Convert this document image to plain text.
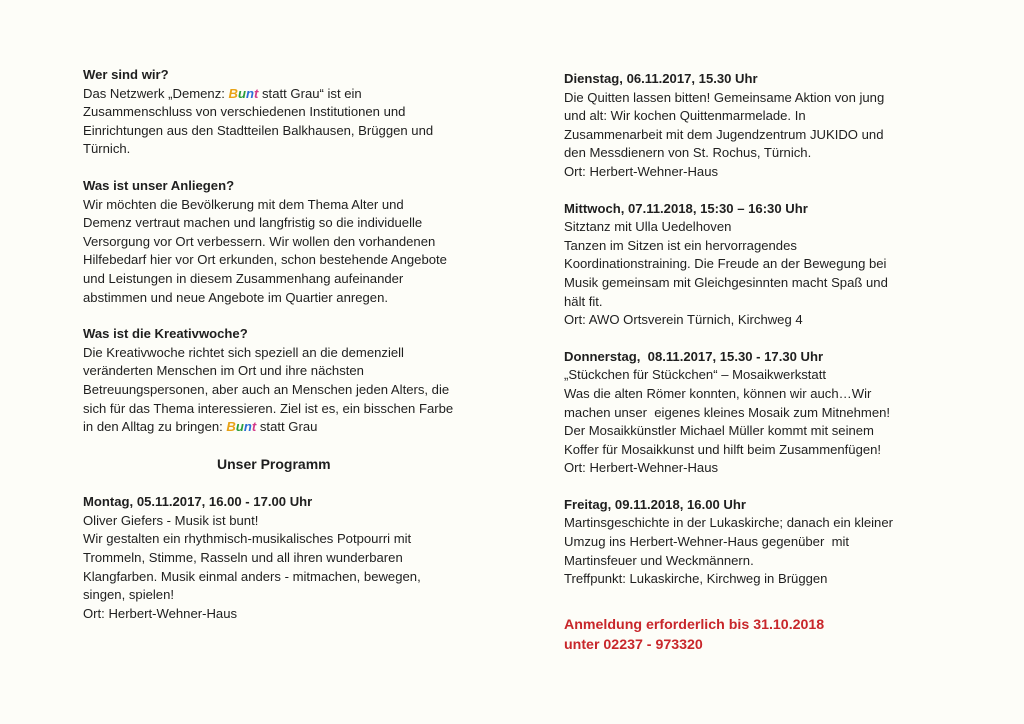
Wer sind wir?
Das Netzwerk „Demenz: Bunt statt Grau“ ist ein
Zusammenschluss von verschiedenen Institutionen und
Einrichtungen aus den Stadtteilen Balkhausen, Brüggen und
Türnich.
Was ist unser Anliegen?
Wir möchten die Bevölkerung mit dem Thema Alter und
Demenz vertraut machen und langfristig so die individuelle
Versorgung vor Ort verbessern. Wir wollen den vorhandenen
Hilfebedarf hier vor Ort erkunden, schon bestehende Angebote
und Leistungen in diesem Zusammenhang aufeinander
abstimmen und neue Angebote im Quartier anregen.
Was ist die Kreativwoche?
Die Kreativwoche richtet sich speziell an die demenziell
veränderten Menschen im Ort und ihre nächsten
Betreuungspersonen, aber auch an Menschen jeden Alters, die
sich für das Thema interessieren. Ziel ist es, ein bisschen Farbe
in den Alltag zu bringen: Bunt statt Grau
Unser Programm
Montag, 05.11.2017, 16.00 - 17.00 Uhr
Oliver Giefers - Musik ist bunt!
Wir gestalten ein rhythmisch-musikalisches Potpourri mit
Trommeln, Stimme, Rasseln und all ihren wunderbaren
Klangfarben. Musik einmal anders - mitmachen, bewegen,
singen, spielen!
Ort: Herbert-Wehner-Haus
Dienstag, 06.11.2017, 15.30 Uhr
Die Quitten lassen bitten! Gemeinsame Aktion von jung
und alt: Wir kochen Quittenmarmelade. In
Zusammenarbeit mit dem Jugendzentrum JUKIDO und
den Messdienern von St. Rochus, Türnich.
Ort: Herbert-Wehner-Haus
Mittwoch, 07.11.2018, 15:30 – 16:30 Uhr
Sitztanz mit Ulla Uedelhoven
Tanzen im Sitzen ist ein hervorragendes
Koordinationstraining. Die Freude an der Bewegung bei
Musik gemeinsam mit Gleichgesinnten macht Spaß und
hält fit.
Ort: AWO Ortsverein Türnich, Kirchweg 4
Donnerstag,  08.11.2017, 15.30 - 17.30 Uhr
„Stückchen für Stückchen“ – Mosaikwerkstatt
Was die alten Römer konnten, können wir auch…Wir
machen unser  eigenes kleines Mosaik zum Mitnehmen!
Der Mosaikkünstler Michael Müller kommt mit seinem
Koffer für Mosaikkunst und hilft beim Zusammenfügen!
Ort: Herbert-Wehner-Haus
Freitag, 09.11.2018, 16.00 Uhr
Martinsgeschichte in der Lukaskirche; danach ein kleiner
Umzug ins Herbert-Wehner-Haus gegenüber  mit
Martinsfeuer und Weckmännern.
Treffpunkt: Lukaskirche, Kirchweg in Brüggen
Anmeldung erforderlich bis 31.10.2018
unter 02237 - 973320
